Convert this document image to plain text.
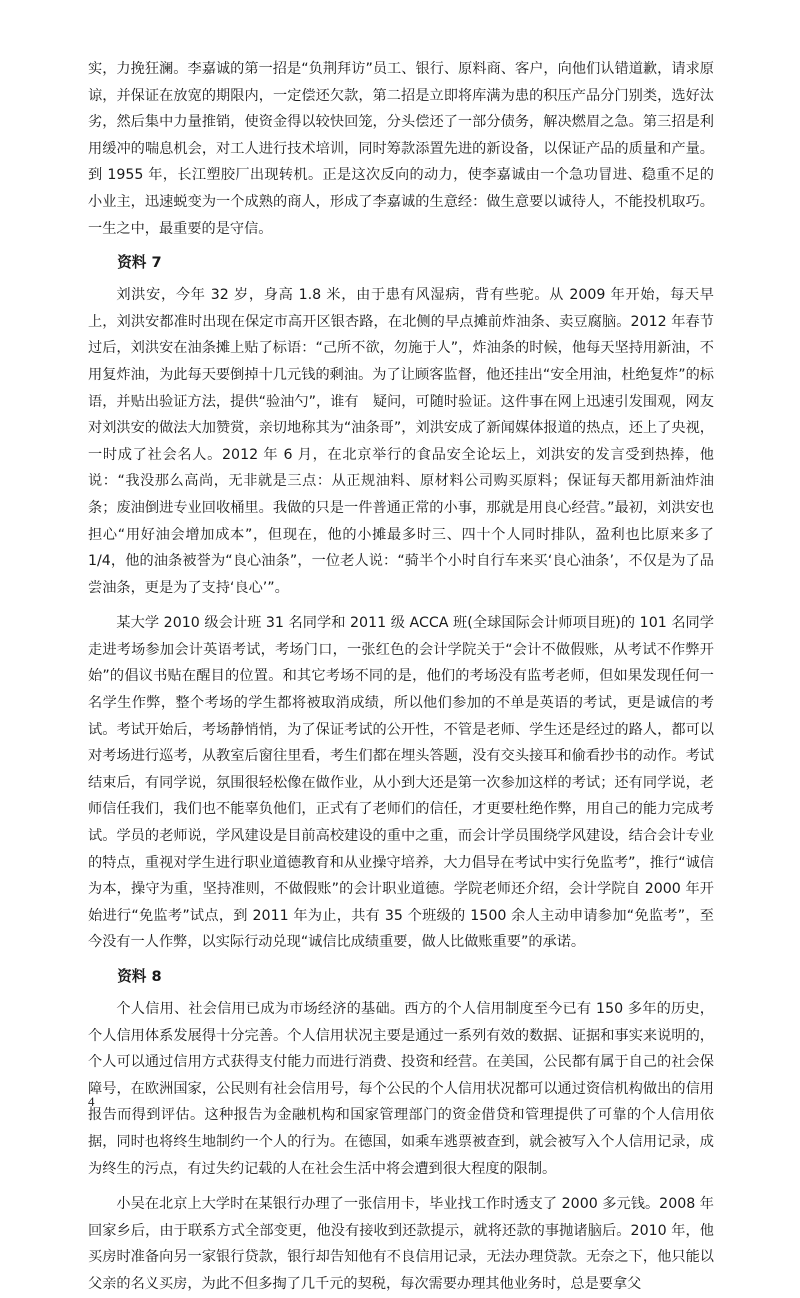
实，力挽狂澜。李嘉诚的第一招是“负荆拜访”员工、银行、原料商、客户，向他们认错道歉，请求原谅，并保证在放宽的期限内，一定偿还欠款，第二招是立即将库满为患的积压产品分门别类，选好汰劣，然后集中力量推销，使资金得以较快回笼，分头偿还了一部分债务，解决燃眉之急。第三招是利用缓冲的喘息机会，对工人进行技术培训，同时筹款添置先进的新设备，以保证产品的质量和产量。到 1955 年，长江塑胶厂出现转机。正是这次反向的动力，使李嘉诚由一个急功冒进、稳重不足的小业主，迅速蜕变为一个成熟的商人，形成了李嘉诚的生意经：做生意要以诚待人，不能投机取巧。一生之中，最重要的是守信。

资料 7

刘洪安，今年 32 岁，身高 1.8 米，由于患有风湿病，背有些驼。从 2009 年开始，每天早上，刘洪安都准时出现在保定市高开区银杏路，在北侧的早点摊前炸油条、卖豆腐脑。2012 年春节过后，刘洪安在油条摊上贴了标语：“己所不欲，勿施于人”，炸油条的时候，他每天坚持用新油，不用复炸油，为此每天要倒掉十几元钱的剩油。为了让顾客监督，他还挂出“安全用油，杜绝复炸”的标语，并贴出验证方法，提供“验油勺”，谁有　疑问，可随时验证。这件事在网上迅速引发围观，网友对刘洪安的做法大加赞赏，亲切地称其为“油条哥”，刘洪安成了新闻媒体报道的热点，还上了央视，一时成了社会名人。2012 年 6 月，在北京举行的食品安全论坛上，刘洪安的发言受到热捧，他说：“我没那么高尚，无非就是三点：从正规油料、原材料公司购买原料；保证每天都用新油炸油条；废油倒进专业回收桶里。我做的只是一件普通正常的小事，那就是用良心经营。”最初，刘洪安也担心“用好油会增加成本”，但现在，他的小摊最多时三、四十个人同时排队，盈利也比原来多了 1/4，他的油条被誉为“良心油条”，一位老人说：“骑半个小时自行车来买‘良心油条’，不仅是为了品尝油条，更是为了支持‘良心’”。

某大学 2010 级会计班 31 名同学和 2011 级 ACCA 班(全球国际会计师项目班)的 101 名同学走进考场参加会计英语考试，考场门口，一张红色的会计学院关于“会计不做假账，从考试不作弊开始”的倡议书贴在醒目的位置。和其它考场不同的是，他们的考场没有监考老师，但如果发现任何一名学生作弊，整个考场的学生都将被取消成绩，所以他们参加的不单是英语的考试，更是诚信的考试。考试开始后，考场静悄悄，为了保证考试的公开性，不管是老师、学生还是经过的路人，都可以对考场进行巡考，从教室后窗往里看，考生们都在埋头答题，没有交头接耳和偷看抄书的动作。考试结束后，有同学说，氛围很轻松像在做作业，从小到大还是第一次参加这样的考试；还有同学说，老师信任我们，我们也不能辜负他们，正式有了老师们的信任，才更要杜绝作弊，用自己的能力完成考试。学员的老师说，学风建设是目前高校建设的重中之重，而会计学员围绕学风建设，结合会计专业的特点，重视对学生进行职业道德教育和从业操守培养，大力倡导在考试中实行免监考”，推行“诚信为本，操守为重，坚持准则，不做假账”的会计职业道德。学院老师还介绍，会计学院自 2000 年开始进行“免监考”试点，到 2011 年为止，共有 35 个班级的 1500 余人主动申请参加“免监考”，至今没有一人作弊，以实际行动兑现“诚信比成绩重要，做人比做账重要”的承诺。

资料 8

个人信用、社会信用已成为市场经济的基础。西方的个人信用制度至今已有 150 多年的历史，个人信用体系发展得十分完善。个人信用状况主要是通过一系列有效的数据、证据和事实来说明的，个人可以通过信用方式获得支付能力而进行消费、投资和经营。在美国，公民都有属于自己的社会保障号，在欧洲国家，公民则有社会信用号，每个公民的个人信用状况都可以通过资信机构做出的信用报告而得到评估。这种报告为金融机构和国家管理部门的资金借贷和管理提供了可靠的个人信用依据，同时也将终生地制约一个人的行为。在德国，如乘车逃票被查到，就会被写入个人信用记录，成为终生的污点，有过失约记载的人在社会生活中将会遭到很大程度的限制。

小吴在北京上大学时在某银行办理了一张信用卡，毕业找工作时透支了 2000 多元钱。2008 年回家乡后，由于联系方式全部变更，他没有接收到还款提示，就将还款的事抛诸脑后。2010 年，他买房时准备向另一家银行贷款，银行却告知他有不良信用记录，无法办理贷款。无奈之下，他只能以父亲的名义买房，为此不但多掏了几千元的契税，每次需要办理其他业务时，总是要拿父

4
